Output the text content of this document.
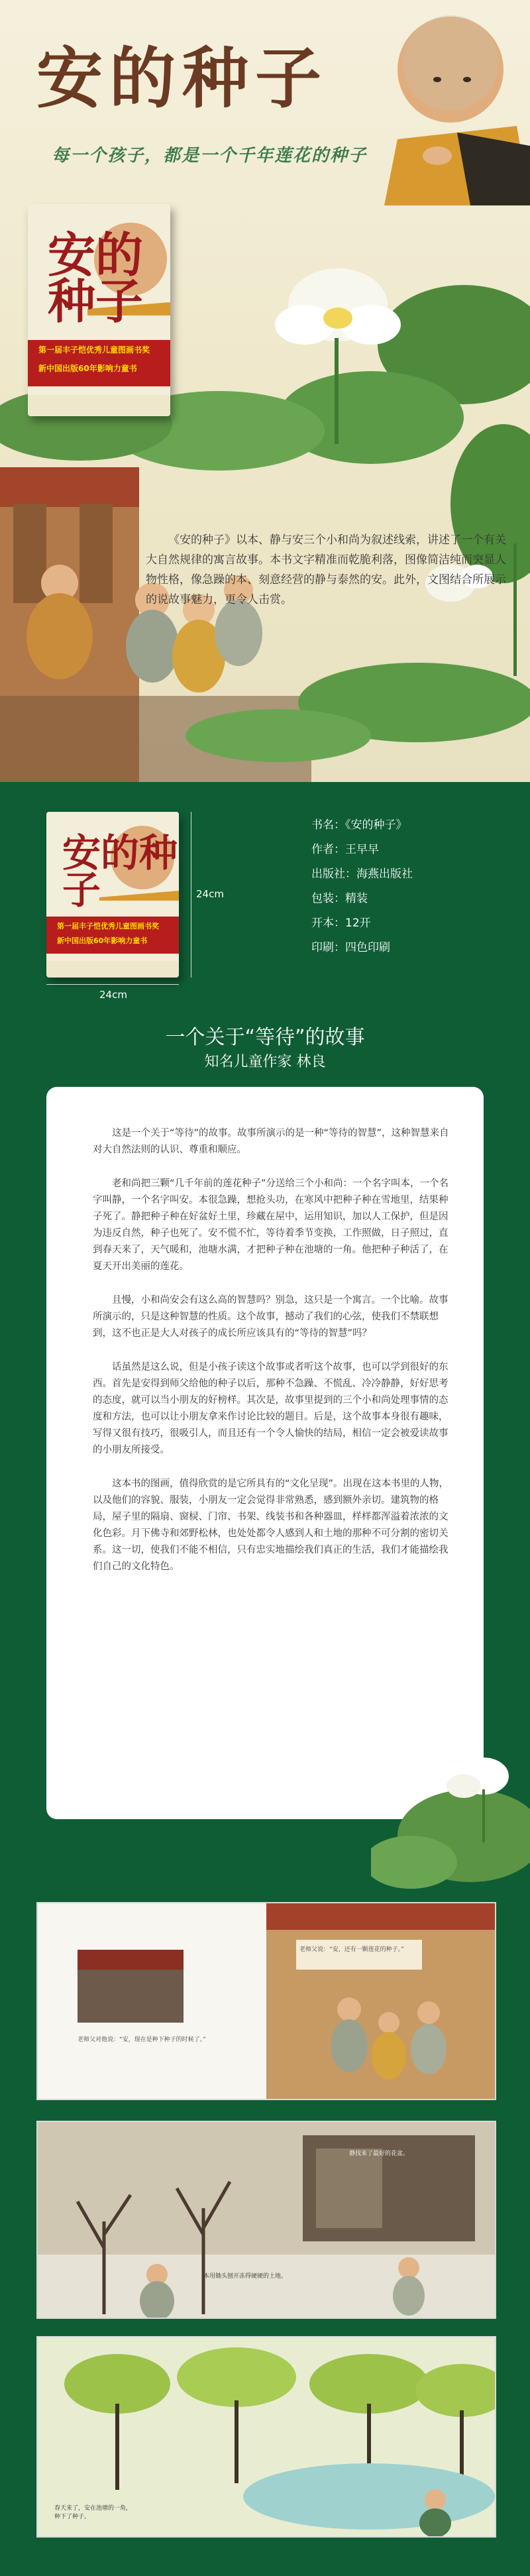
安的种子
每一个孩子，都是一个千年莲花的种子
安的种子
第一届丰子恺优秀儿童图画书奖
新中国出版60年影响力童书
《安的种子》以本、静与安三个小和尚为叙述线索，讲述了一个有关大自然规律的寓言故事。本书文字精准而乾脆利落，图像简洁纯而突显人物性格，像急躁的本、刻意经营的静与泰然的安。此外，文图结合所展示的说故事魅力，更令人击赏。
安的种子
第一届丰子恺优秀儿童图画书奖
新中国出版60年影响力童书
24cm
24cm
书名：《安的种子》
作者：王早早
出版社：海燕出版社
包装：精装
开本：12开
印刷：四色印刷
一个关于“等待”的故事
知名儿童作家 林良

这是一个关于“等待”的故事。故事所演示的是一种“等待的智慧”，这种智慧来自对大自然法则的认识、尊重和顺应。

老和尚把三颗“几千年前的莲花种子”分送给三个小和尚：一个名字叫本，一个名字叫静，一个名字叫安。本很急躁，想抢头功，在寒风中把种子种在雪地里，结果种子死了。静把种子种在好盆好土里，珍藏在屋中，运用知识，加以人工保护，但是因为违反自然，种子也死了。安不慌不忙，等待着季节变换，工作照做，日子照过，直到春天来了，天气暖和，池塘水满，才把种子种在池塘的一角。他把种子种活了，在夏天开出美丽的莲花。

且慢，小和尚安会有这么高的智慧吗？别急，这只是一个寓言。一个比喻。故事所演示的，只是这种智慧的性质。这个故事，撼动了我们的心弦，使我们不禁联想到，这不也正是大人对孩子的成长所应该具有的“等待的智慧”吗？

话虽然是这么说，但是小孩子读这个故事或者听这个故事，也可以学到很好的东西。首先是安得到师父给他的种子以后，那种不急躁、不慌乱、冷冷静静，好好思考的态度，就可以当小朋友的好榜样。其次是，故事里提到的三个小和尚处理事情的态度和方法，也可以让小朋友拿来作讨论比较的题目。后是，这个故事本身很有趣味，写得又很有技巧，很吸引人，而且还有一个令人愉快的结局，相信一定会被爱读故事的小朋友所接受。

这本书的图画，值得欣赏的是它所具有的“文化呈现”。出现在这本书里的人物，以及他们的容貌、服装，小朋友一定会觉得非常熟悉，感到额外亲切。建筑物的格局，屋子里的隔扇、窗棂、门帘、书架、线装书和各种器皿，样样都浑溢着浓浓的文化色彩。月下佛寺和郊野松林，也处处都令人感到人和土地的那种不可分割的密切关系。这一切，使我们不能不相信，只有忠实地描绘我们真正的生活，我们才能描绘我们自己的文化特色。

老师父对他说：“安，现在是种下种子的时候了。”
老师父说：“安，还有一颗莲花的种子。”
静找来了最好的花盆。
本用锄头刨开冻得硬硬的土地。
春天来了，安在池塘的一角，种下了种子。
